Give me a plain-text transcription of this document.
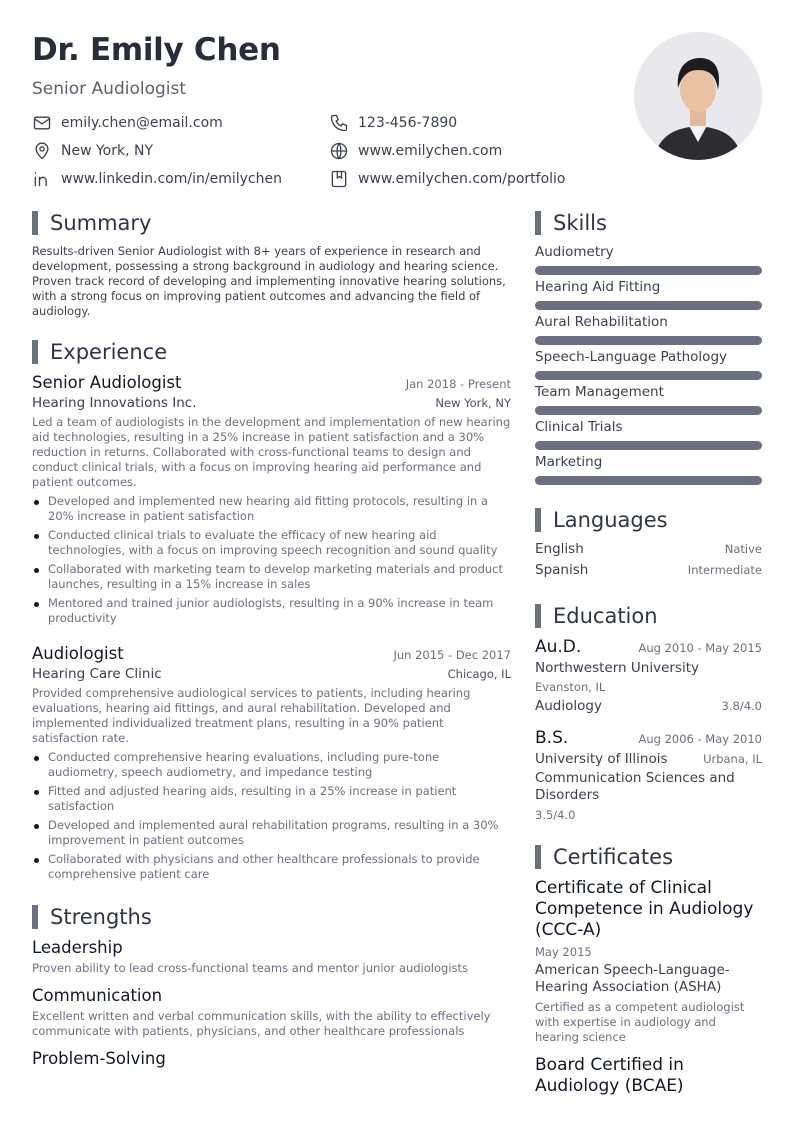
Dr. Emily Chen
Senior Audiologist
emily.chen@email.com	123-456-7890
New York, NY	www.emilychen.com
www.linkedin.com/in/emilychen	www.emilychen.com/portfolio
Summary
Results-driven Senior Audiologist with 8+ years of experience in research and development, possessing a strong background in audiology and hearing science. Proven track record of developing and implementing innovative hearing solutions, with a strong focus on improving patient outcomes and advancing the field of audiology.
Experience
Senior Audiologist	Jan 2018 - Present
Hearing Innovations Inc.	New York, NY
Led a team of audiologists in the development and implementation of new hearing aid technologies, resulting in a 25% increase in patient satisfaction and a 30% reduction in returns. Collaborated with cross-functional teams to design and conduct clinical trials, with a focus on improving hearing aid performance and patient outcomes.
Developed and implemented new hearing aid fitting protocols, resulting in a 20% increase in patient satisfaction
Conducted clinical trials to evaluate the efficacy of new hearing aid technologies, with a focus on improving speech recognition and sound quality
Collaborated with marketing team to develop marketing materials and product launches, resulting in a 15% increase in sales
Mentored and trained junior audiologists, resulting in a 90% increase in team productivity
Audiologist	Jun 2015 - Dec 2017
Hearing Care Clinic	Chicago, IL
Provided comprehensive audiological services to patients, including hearing evaluations, hearing aid fittings, and aural rehabilitation. Developed and implemented individualized treatment plans, resulting in a 90% patient satisfaction rate.
Conducted comprehensive hearing evaluations, including pure-tone audiometry, speech audiometry, and impedance testing
Fitted and adjusted hearing aids, resulting in a 25% increase in patient satisfaction
Developed and implemented aural rehabilitation programs, resulting in a 30% improvement in patient outcomes
Collaborated with physicians and other healthcare professionals to provide comprehensive patient care
Strengths
Leadership
Proven ability to lead cross-functional teams and mentor junior audiologists
Communication
Excellent written and verbal communication skills, with the ability to effectively communicate with patients, physicians, and other healthcare professionals
Problem-Solving
Skills
Audiometry
Hearing Aid Fitting
Aural Rehabilitation
Speech-Language Pathology
Team Management
Clinical Trials
Marketing
Languages
English	Native
Spanish	Intermediate
Education
Au.D.	Aug 2010 - May 2015
Northwestern University
Evanston, IL
Audiology	3.8/4.0
B.S.	Aug 2006 - May 2010
University of Illinois	Urbana, IL
Communication Sciences and Disorders
3.5/4.0
Certificates
Certificate of Clinical Competence in Audiology (CCC-A)
May 2015
American Speech-Language-Hearing Association (ASHA)
Certified as a competent audiologist with expertise in audiology and hearing science
Board Certified in Audiology (BCAE)
